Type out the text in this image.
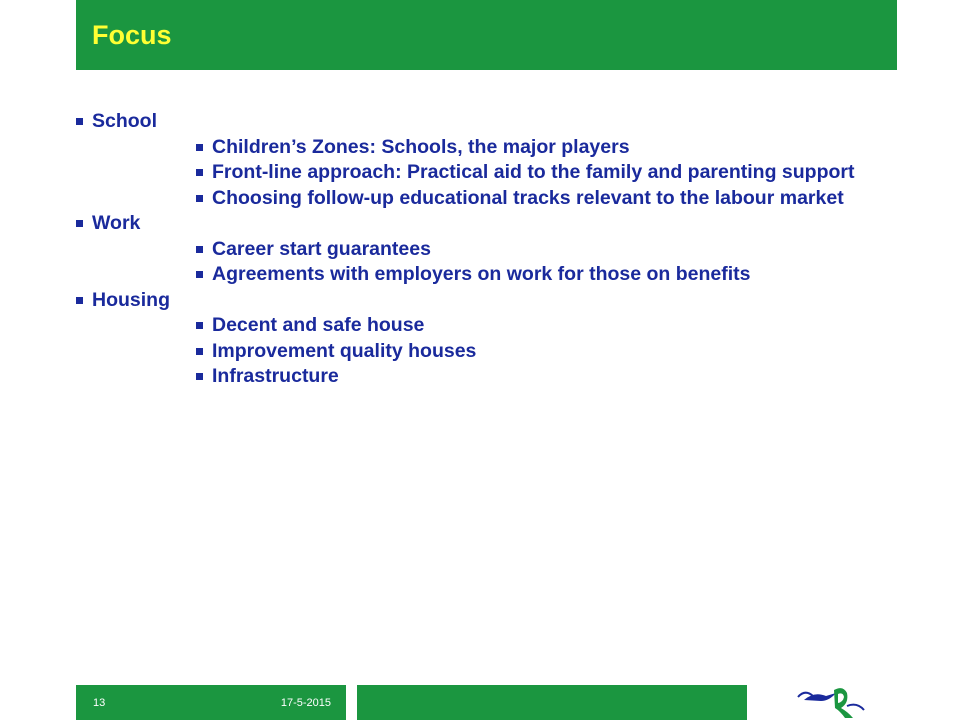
Focus
School
Children’s Zones: Schools, the major players
Front-line approach: Practical aid to the family and parenting support
Choosing follow-up educational tracks relevant to the labour market
Work
Career start guarantees
Agreements with employers on work for those on benefits
Housing
Decent and safe house
Improvement quality houses
Infrastructure
13	17-5-2015
